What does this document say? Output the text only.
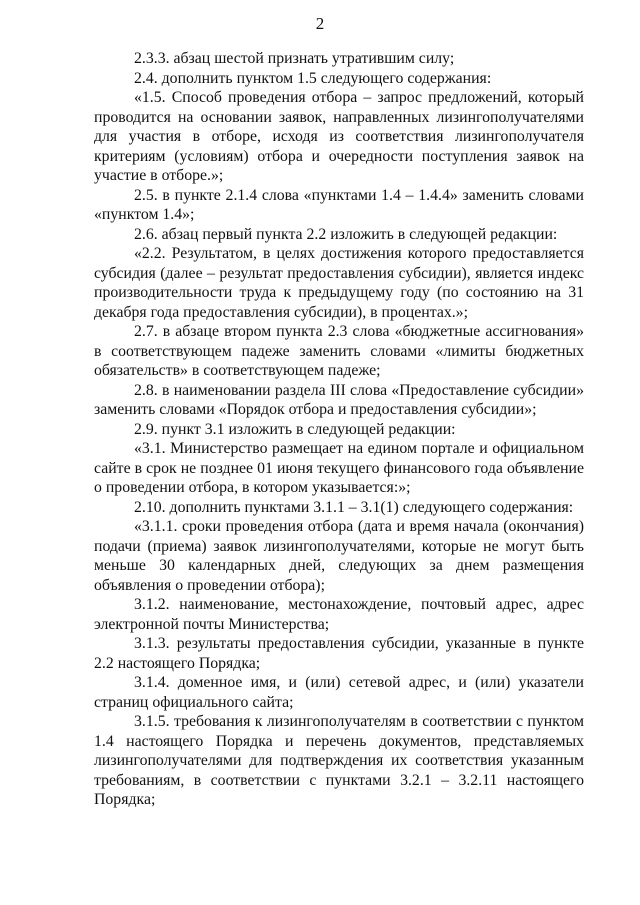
2

2.3.3. абзац шестой признать утратившим силу;

2.4. дополнить пунктом 1.5 следующего содержания:

«1.5. Способ проведения отбора – запрос предложений, который проводится на основании заявок, направленных лизингополучателями для участия в отборе, исходя из соответствия лизингополучателя критериям (условиям) отбора и очередности поступления заявок на участие в отборе.»;

2.5. в пункте 2.1.4 слова «пунктами 1.4 – 1.4.4» заменить словами «пунктом 1.4»;

2.6. абзац первый пункта 2.2 изложить в следующей редакции:

«2.2. Результатом, в целях достижения которого предоставляется субсидия (далее – результат предоставления субсидии), является индекс производительности труда к предыдущему году (по состоянию на 31 декабря года предоставления субсидии), в процентах.»;

2.7. в абзаце втором пункта 2.3 слова «бюджетные ассигнования» в соответствующем падеже заменить словами «лимиты бюджетных обязательств» в соответствующем падеже;

2.8. в наименовании раздела III слова «Предоставление субсидии» заменить словами «Порядок отбора и предоставления субсидии»;

2.9. пункт 3.1 изложить в следующей редакции:

«3.1. Министерство размещает на едином портале и официальном сайте в срок не позднее 01 июня текущего финансового года объявление о проведении отбора, в котором указывается:»;

2.10. дополнить пунктами 3.1.1 – 3.1(1) следующего содержания:

«3.1.1. сроки проведения отбора (дата и время начала (окончания) подачи (приема) заявок лизингополучателями, которые не могут быть меньше 30 календарных дней, следующих за днем размещения объявления о проведении отбора);

3.1.2. наименование, местонахождение, почтовый адрес, адрес электронной почты Министерства;

3.1.3. результаты предоставления субсидии, указанные в пункте 2.2 настоящего Порядка;

3.1.4. доменное имя, и (или) сетевой адрес, и (или) указатели страниц официального сайта;

3.1.5. требования к лизингополучателям в соответствии с пунктом 1.4 настоящего Порядка и перечень документов, представляемых лизингополучателями для подтверждения их соответствия указанным требованиям, в соответствии с пунктами 3.2.1 – 3.2.11 настоящего Порядка;
